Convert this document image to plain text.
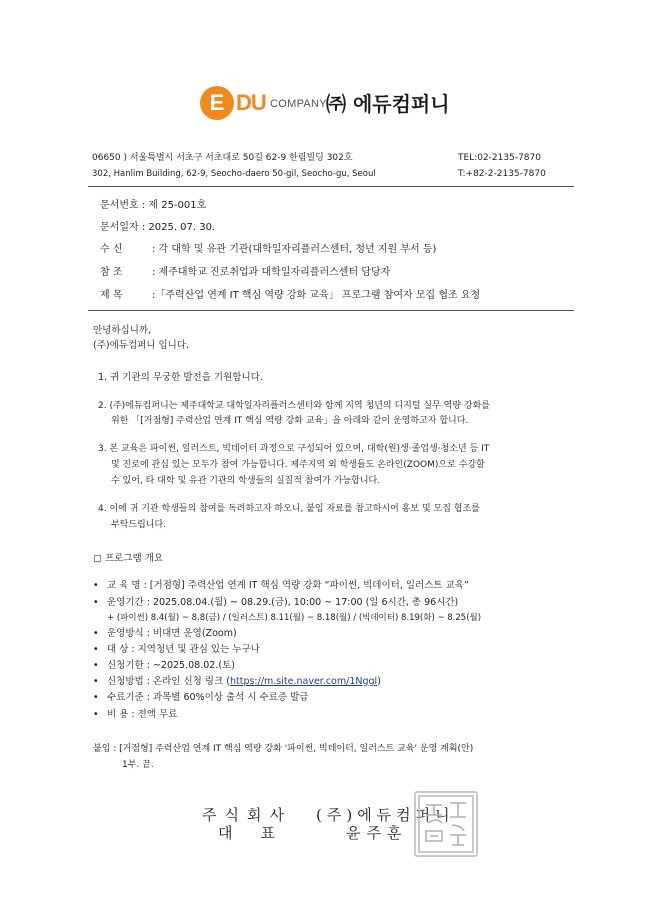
E DU COMPANY ㈜ 에듀컴퍼니
06650 ) 서울특별시 서초구 서초대로 50길 62-9 한림빌딩 302호	TEL:02-2135-7870
302, Hanlim Building, 62-9, Seocho-daero 50-gil, Seocho-gu, Seoul	T:+82-2-2135-7870
문서번호 : 제 25-001호
문서일자 : 2025. 07. 30.
수 신	: 각 대학 및 유관 기관(대학일자리플러스센터, 청년 지원 부서 등)
참 조	: 제주대학교 진로취업과 대학일자리플러스센터 담당자
제 목	:「주력산업 연계 IT 핵심 역량 강화 교육」 프로그램 참여자 모집 협조 요청
안녕하십니까,
(주)에듀컴퍼니 입니다.
1. 귀 기관의 무궁한 발전을 기원합니다.
2. (주)에듀컴퍼니는 제주대학교 대학일자리플러스센터와 함께 지역 청년의 디지털 실무 역량 강화를
위한 「[거점형] 주력산업 연계 IT 핵심 역량 강화 교육」을 아래와 같이 운영하고자 합니다.
3. 본 교육은 파이썬, 일러스트, 빅데이터 과정으로 구성되어 있으며, 대학(원)생·졸업생·청소년 등 IT
및 진로에 관심 있는 모두가 참여 가능합니다. 제주지역 외 학생들도 온라인(ZOOM)으로 수강할
수 있어, 타 대학 및 유관 기관의 학생들의 실질적 참여가 가능합니다.
4. 이에 귀 기관 학생들의 참여를 독려하고자 하오니, 붙임 자료를 참고하시어 홍보 및 모집 협조를
부탁드립니다.
▢ 프로그램 개요
• 교 육 명 : [거점형] 주력산업 연계 IT 핵심 역량 강화 “파이썬, 빅데이터, 일러스트 교육”
• 운영기간 : 2025.08.04.(월) ~ 08.29.(금), 10:00 ~ 17:00 (일 6시간, 총 96시간)
+ (파이썬) 8.4(월) ~ 8.8(금) / (일러스트) 8.11(월) ~ 8.18(월) / (빅데이터) 8.19(화) ~ 8.25(월)
• 운영방식 : 비대면 운영(Zoom)
• 대 상 : 지역청년 및 관심 있는 누구나
• 신청기한 : ~2025.08.02.(토)
• 신청방법 : 온라인 신청 링크 (https://m.site.naver.com/1Nggl)
• 수료기준 : 과목별 60%이상 출석 시 수료증 발급
• 비 용 : 전액 무료
붙임 : [거점형] 주력산업 연계 IT 핵심 역량 강화 '파이썬, 빅데이터, 일러스트 교육' 운영 계획(안)
1부. 끝.
주식회사 (주)에듀컴퍼니
대표	윤주훈
